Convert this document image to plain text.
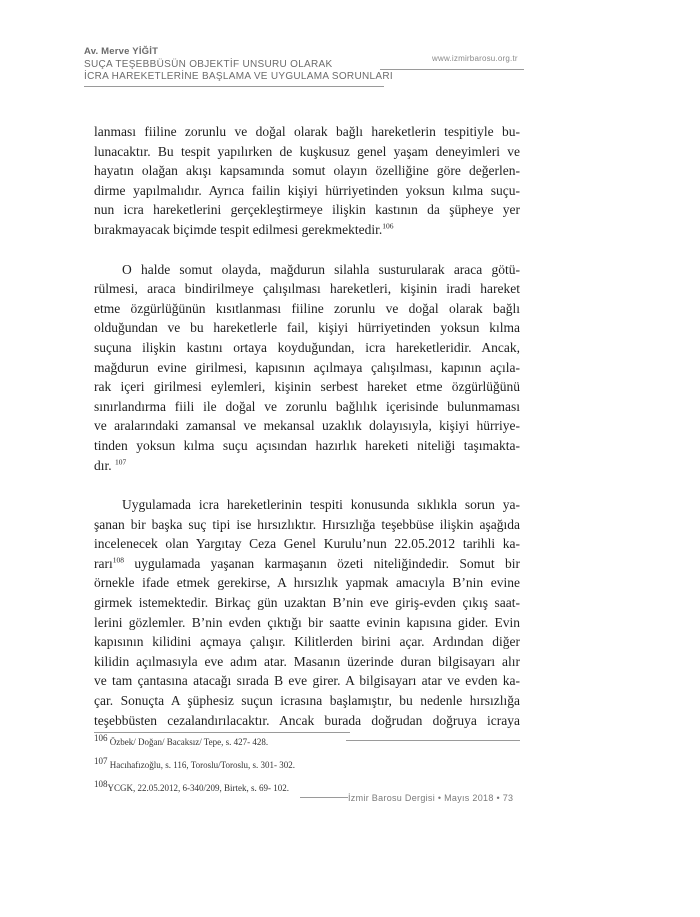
Av. Merve YİĞİT
SUÇA TEŞEBBÜSÜN OBJEKTİF UNSURU OLARAK
İCRA HAREKETLERİNE BAŞLAMA VE UYGULAMA SORUNLARI
www.izmirbarosu.org.tr

lanması fiiline zorunlu ve doğal olarak bağlı hareketlerin tespitiyle bu-
lunacaktır. Bu tespit yapılırken de kuşkusuz genel yaşam deneyimleri ve
hayatın olağan akışı kapsamında somut olayın özelliğine göre değerlen-
dirme yapılmalıdır. Ayrıca failin kişiyi hürriyetinden yoksun kılma suçu-
nun icra hareketlerini gerçekleştirmeye ilişkin kastının da şüpheye yer
bırakmayacak biçimde tespit edilmesi gerekmektedir.$^{106}$

O halde somut olayda, mağdurun silahla susturularak araca götü-
rülmesi, araca bindirilmeye çalışılması hareketleri, kişinin iradi hareket
etme özgürlüğünün kısıtlanması fiiline zorunlu ve doğal olarak bağlı
olduğundan ve bu hareketlerle fail, kişiyi hürriyetinden yoksun kılma
suçuna ilişkin kastını ortaya koyduğundan, icra hareketleridir. Ancak,
mağdurun evine girilmesi, kapısının açılmaya çalışılması, kapının açıla-
rak içeri girilmesi eylemleri, kişinin serbest hareket etme özgürlüğünü
sınırlandırma fiili ile doğal ve zorunlu bağlılık içerisinde bulunmaması
ve aralarındaki zamansal ve mekansal uzaklık dolayısıyla, kişiyi hürriye-
tinden yoksun kılma suçu açısından hazırlık hareketi niteliği taşımakta-
dır. $^{107}$

Uygulamada icra hareketlerinin tespiti konusunda sıklıkla sorun ya-
şanan bir başka suç tipi ise hırsızlıktır. Hırsızlığa teşebbüse ilişkin aşağıda
incelenecek olan Yargıtay Ceza Genel Kurulu’nun 22.05.2012 tarihli ka-
rarı$^{108}$ uygulamada yaşanan karmaşanın özeti niteliğindedir. Somut bir
örnekle ifade etmek gerekirse, A hırsızlık yapmak amacıyla B’nin evine
girmek istemektedir. Birkaç gün uzaktan B’nin eve giriş-evden çıkış saat-
lerini gözlemler. B’nin evden çıktığı bir saatte evinin kapısına gider. Evin
kapısının kilidini açmaya çalışır. Kilitlerden birini açar. Ardından diğer
kilidin açılmasıyla eve adım atar. Masanın üzerinde duran bilgisayarı alır
ve tam çantasına atacağı sırada B eve girer. A bilgisayarı atar ve evden ka-
çar. Sonuçta A şüphesiz suçun icrasına başlamıştır, bu nedenle hırsızlığa
teşebbüsten cezalandırılacaktır. Ancak burada doğrudan doğruya icraya

$^{106}$ Özbek/ Doğan/ Bacaksız/ Tepe, s. 427- 428.

$^{107}$ Hacıhafızoğlu, s. 116, Toroslu/Toroslu, s. 301- 302.

$^{108}$YCGK, 22.05.2012, 6-340/209, Birtek, s. 69- 102.

İzmir Barosu Dergisi • Mayıs 2018 • 73
